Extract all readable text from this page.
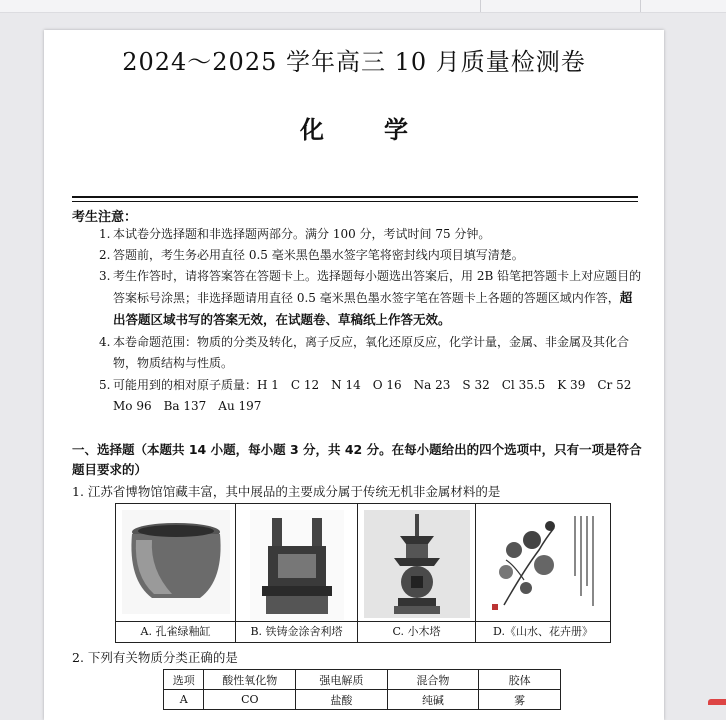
2024～2025 学年高三 10 月质量检测卷
化学
考生注意：
1. 本试卷分选择题和非选择题两部分。满分 100 分，考试时间 75 分钟。
2. 答题前，考生务必用直径 0.5 毫米黑色墨水签字笔将密封线内项目填写清楚。
3. 考生作答时，请将答案答在答题卡上。选择题每小题选出答案后，用 2B 铅笔把答题卡上对应题目的答案标号涂黑；非选择题请用直径 0.5 毫米黑色墨水签字笔在答题卡上各题的答题区域内作答，超出答题区域书写的答案无效，在试题卷、草稿纸上作答无效。
4. 本卷命题范围：物质的分类及转化，离子反应，氧化还原反应，化学计量，金属、非金属及其化合物，物质结构与性质。
5. 可能用到的相对原子质量：H 1　C 12　N 14　O 16　Na 23　S 32　Cl 35.5　K 39　Cr 52　Mo 96　Ba 137　Au 197
一、选择题（本题共 14 小题，每小题 3 分，共 42 分。在每小题给出的四个选项中，只有一项是符合题目要求的）
1. 江苏省博物馆馆藏丰富，其中展品的主要成分属于传统无机非金属材料的是
A. 孔雀绿釉缸	B. 铁铸金涂舍利塔	C. 小木塔	D.《山水、花卉册》
2. 下列有关物质分类正确的是
选项	酸性氧化物	强电解质	混合物	胶体
A	CO	盐酸	纯碱	雾
